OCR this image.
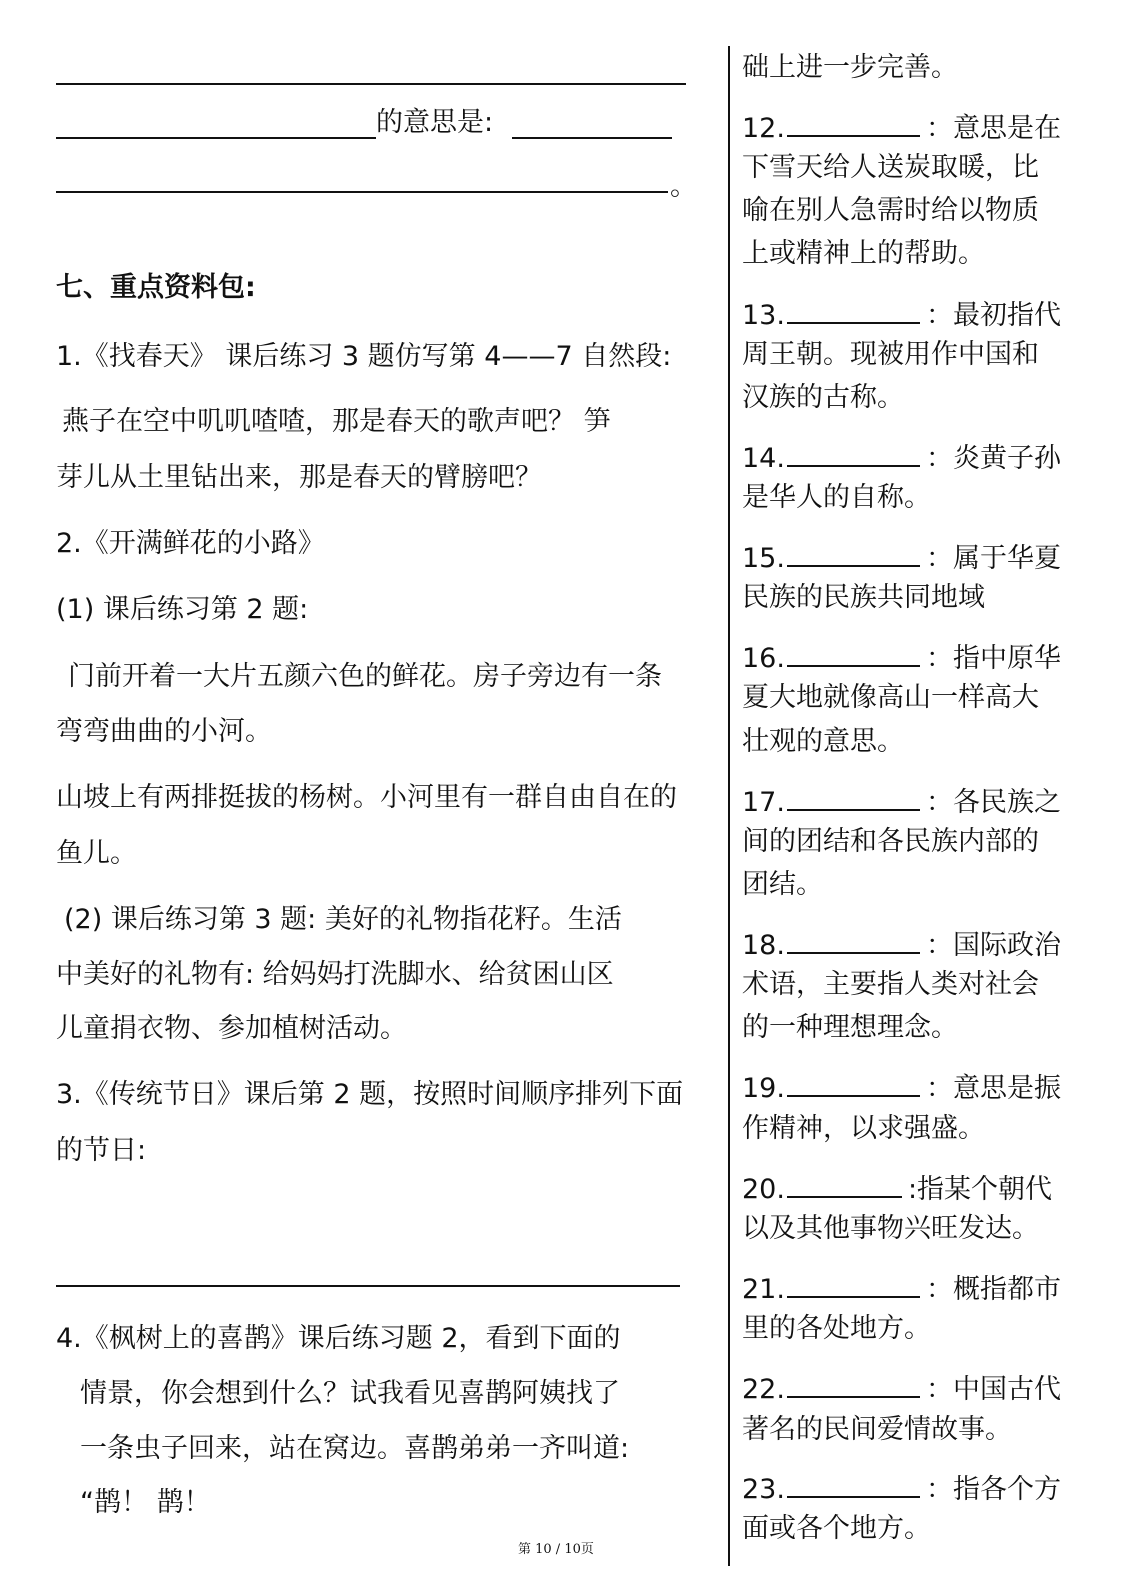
的意思是:
。
七、重点资料包:
1.《找春天》 课后练习 3 题仿写第 4——7 自然段:
燕子在空中叽叽喳喳，那是春天的歌声吧？ 笋
芽儿从土里钻出来，那是春天的臂膀吧？
2.《开满鲜花的小路》
(1) 课后练习第 2 题:
门前开着一大片五颜六色的鲜花。房子旁边有一条
弯弯曲曲的小河。
山坡上有两排挺拔的杨树。小河里有一群自由自在的
鱼儿。
(2) 课后练习第 3 题: 美好的礼物指花籽。生活
中美好的礼物有: 给妈妈打洗脚水、给贫困山区
儿童捐衣物、参加植树活动。
3.《传统节日》课后第 2 题，按照时间顺序排列下面
的节日:
4.《枫树上的喜鹊》课后练习题 2，看到下面的
情景，你会想到什么？试我看见喜鹊阿姨找了
一条虫子回来，站在窝边。喜鹊弟弟一齐叫道:
“鹊！ 鹊！
础上进一步完善。
12.	：意思是在
下雪天给人送炭取暖，比
喻在别人急需时给以物质
上或精神上的帮助。
13.	：最初指代
周王朝。现被用作中国和
汉族的古称。
14.	：炎黄子孙
是华人的自称。
15.	：属于华夏
民族的民族共同地域
16.	：指中原华
夏大地就像高山一样高大
壮观的意思。
17.	：各民族之
间的团结和各民族内部的
团结。
18.	：国际政治
术语，主要指人类对社会
的一种理想理念。
19.	：意思是振
作精神，以求强盛。
20.	:指某个朝代
以及其他事物兴旺发达。
21.	：概指都市
里的各处地方。
22.	：中国古代
著名的民间爱情故事。
23.	：指各个方
面或各个地方。
第 10 / 10页
